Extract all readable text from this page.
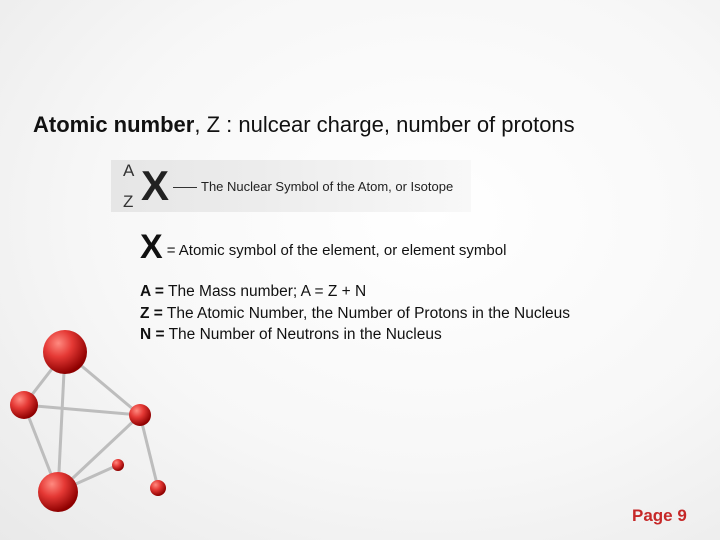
Atomic number, Z : nulcear charge, number of protons
A
Z X The Nuclear Symbol of the Atom, or Isotope
X = Atomic symbol of the element, or element symbol
A = The Mass number; A = Z + N
Z = The Atomic Number, the Number of Protons in the Nucleus
N = The Number of Neutrons in the Nucleus
Page 9
